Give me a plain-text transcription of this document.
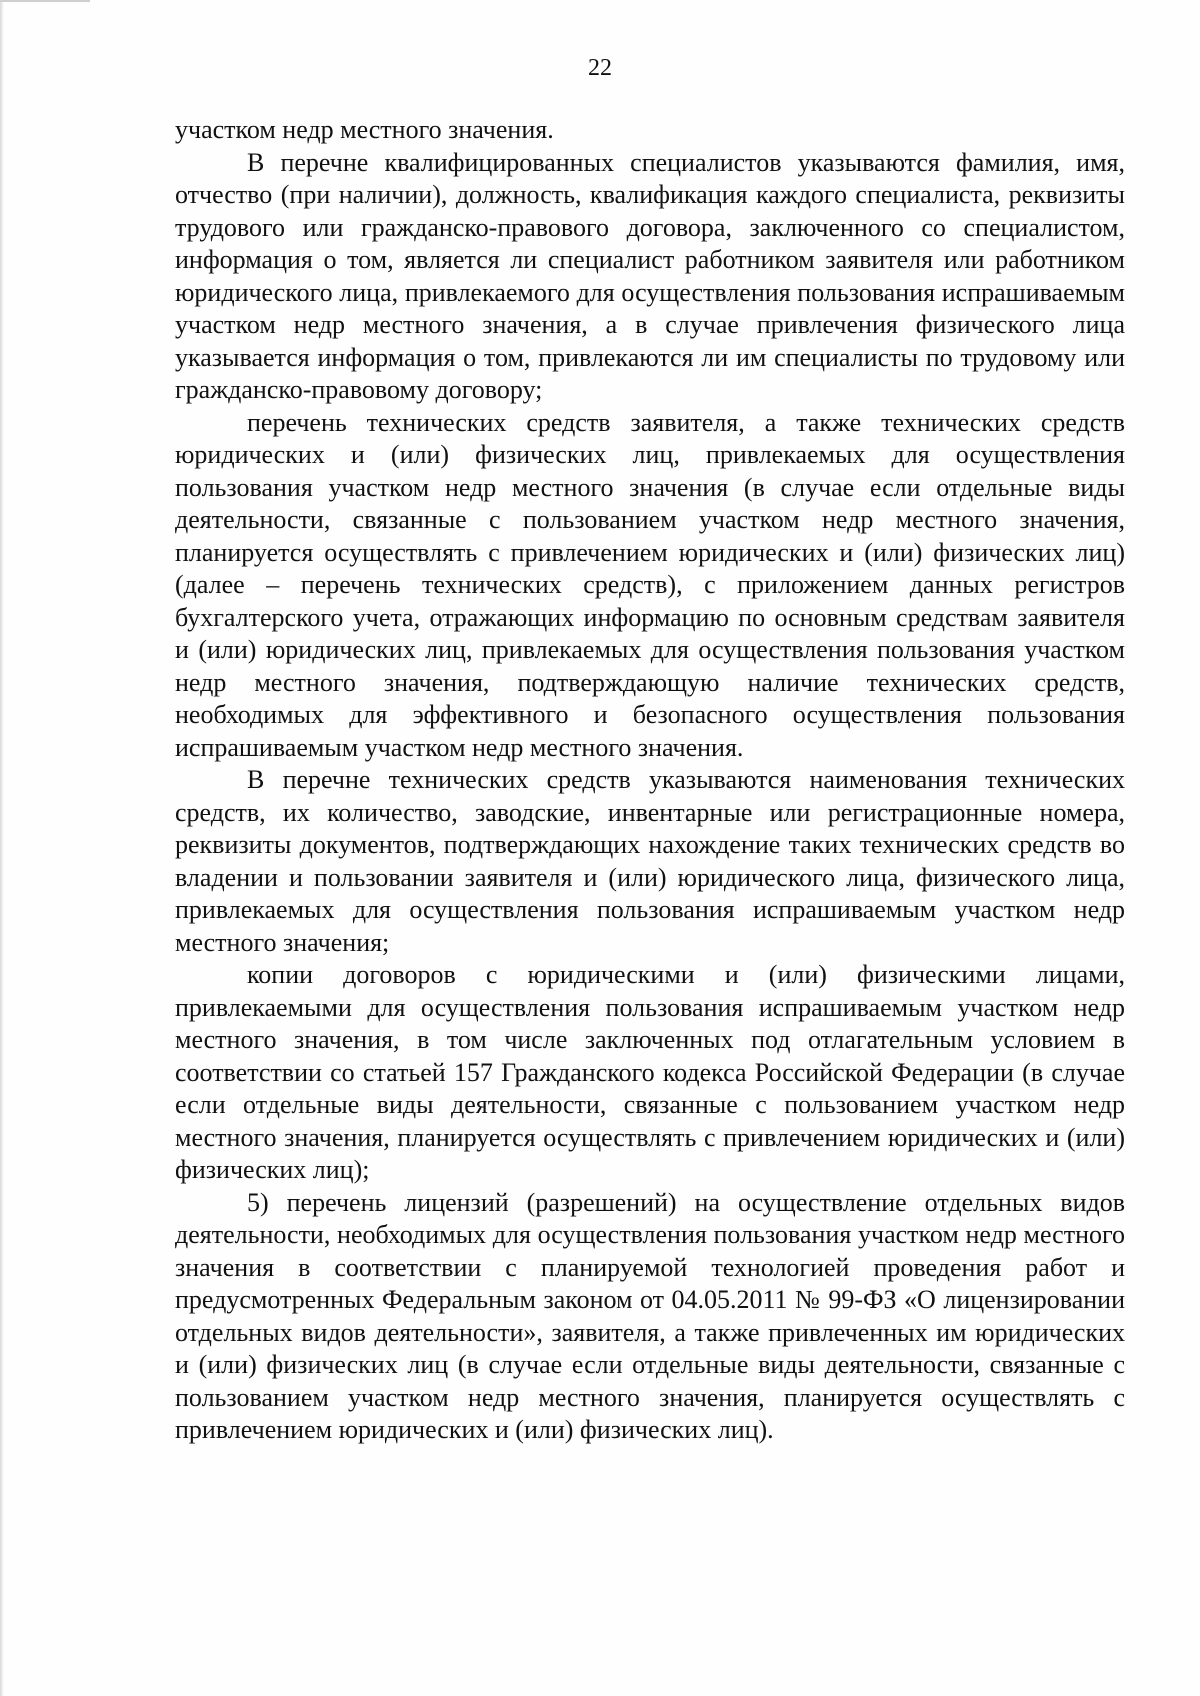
22

участком недр местного значения.

В перечне квалифицированных специалистов указываются фамилия, имя, отчество (при наличии), должность, квалификация каждого специалиста, реквизиты трудового или гражданско-правового договора, заключенного со специалистом, информация о том, является ли специалист работником заявителя или работником юридического лица, привлекаемого для осуществления пользования испрашиваемым участком недр местного значения, а в случае привлечения физического лица указывается информация о том, привлекаются ли им специалисты по трудовому или гражданско-правовому договору;

перечень технических средств заявителя, а также технических средств юридических и (или) физических лиц, привлекаемых для осуществления пользования участком недр местного значения (в случае если отдельные виды деятельности, связанные с пользованием участком недр местного значения, планируется осуществлять с привлечением юридических и (или) физических лиц) (далее – перечень технических средств), с приложением данных регистров бухгалтерского учета, отражающих информацию по основным средствам заявителя и (или) юридических лиц, привлекаемых для осуществления пользования участком недр местного значения, подтверждающую наличие технических средств, необходимых для эффективного и безопасного осуществления пользования испрашиваемым участком недр местного значения.

В перечне технических средств указываются наименования технических средств, их количество, заводские, инвентарные или регистрационные номера, реквизиты документов, подтверждающих нахождение таких технических средств во владении и пользовании заявителя и (или) юридического лица, физического лица, привлекаемых для осуществления пользования испрашиваемым участком недр местного значения;

копии договоров с юридическими и (или) физическими лицами, привлекаемыми для осуществления пользования испрашиваемым участком недр местного значения, в том числе заключенных под отлагательным условием в соответствии со статьей 157 Гражданского кодекса Российской Федерации (в случае если отдельные виды деятельности, связанные с пользованием участком недр местного значения, планируется осуществлять с привлечением юридических и (или) физических лиц);

5) перечень лицензий (разрешений) на осуществление отдельных видов деятельности, необходимых для осуществления пользования участком недр местного значения в соответствии с планируемой технологией проведения работ и предусмотренных Федеральным законом от 04.05.2011 № 99-ФЗ «О лицензировании отдельных видов деятельности», заявителя, а также привлеченных им юридических и (или) физических лиц (в случае если отдельные виды деятельности, связанные с пользованием участком недр местного значения, планируется осуществлять с привлечением юридических и (или) физических лиц).
